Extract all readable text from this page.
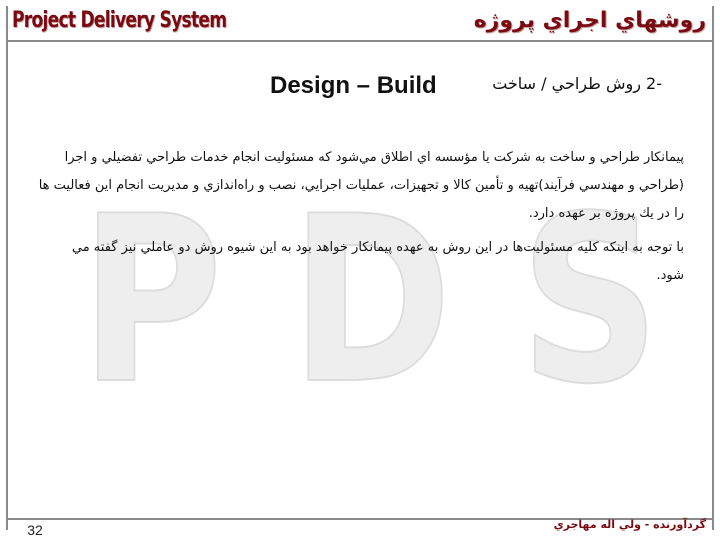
Project Delivery System	روشهاي اجراي پروژه
P D S
Design – Build	-2 روش طراحي / ساخت
پيمانكار طراحي و ساخت به شركت يا مؤسسه اي اطلاق مي‌شود كه مسئوليت انجام خدمات طراحي تفضيلي و اجرا
(طراحي و مهندسي فرآيند)تهيه و تأمين كالا و تجهيزات، عمليات اجرايي، نصب و راه‌اندازي و مديريت انجام اين فعاليت ها
را در يك پروژه بر عهده دارد.
با توجه به اينكه كليه مسئوليت‌ها در اين روش به عهده پيمانكار خواهد بود به اين شيوه روش دو عاملي نيز گفته مي
شود.
32	گردآورنده - ولي اله مهاجري
